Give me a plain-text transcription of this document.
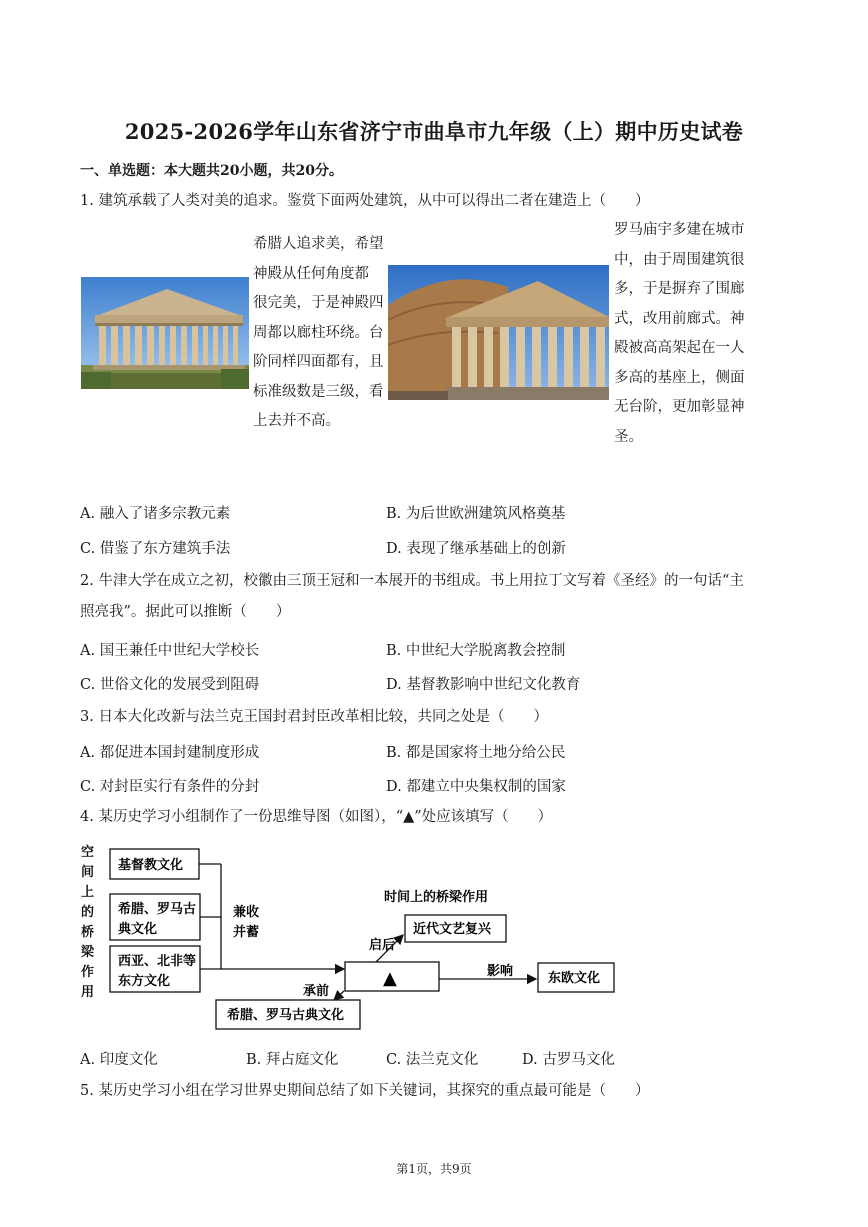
2025-2026学年山东省济宁市曲阜市九年级（上）期中历史试卷
一、单选题：本大题共20小题，共20分。
1. 建筑承载了人类对美的追求。鉴赏下面两处建筑，从中可以得出二者在建造上（　　）
希腊人追求美，希望
神殿从任何角度都
很完美，于是神殿四
周都以廊柱环绕。台
阶同样四面都有，且
标准级数是三级，看
上去并不高。
罗马庙宇多建在城市
中，由于周围建筑很
多，于是摒弃了围廊
式，改用前廊式。神
殿被高高架起在一人
多高的基座上，侧面
无台阶，更加彰显神
圣。
A. 融入了诸多宗教元素	B. 为后世欧洲建筑风格奠基
C. 借鉴了东方建筑手法	D. 表现了继承基础上的创新
2. 牛津大学在成立之初，校徽由三顶王冠和一本展开的书组成。书上用拉丁文写着《圣经》的一句话“主
照亮我”。据此可以推断（　　）
A. 国王兼任中世纪大学校长	B. 中世纪大学脱离教会控制
C. 世俗文化的发展受到阻碍	D. 基督教影响中世纪文化教育
3. 日本大化改新与法兰克王国封君封臣改革相比较，共同之处是（　　）
A. 都促进本国封建制度形成	B. 都是国家将土地分给公民
C. 对封臣实行有条件的分封	D. 都建立中央集权制的国家
4. 某历史学习小组制作了一份思维导图（如图），“▲”处应该填写（　　）
空
间
上
的
桥
梁
作
用
基督教文化
希腊、罗马古
典文化
西亚、北非等
东方文化
兼收
并蓄
时间上的桥梁作用
近代文艺复兴
启后
▲	影响	东欧文化
承前
希腊、罗马古典文化
A. 印度文化	B. 拜占庭文化	C. 法兰克文化	D. 古罗马文化
5. 某历史学习小组在学习世界史期间总结了如下关键词，其探究的重点最可能是（　　）
第1页，共9页
